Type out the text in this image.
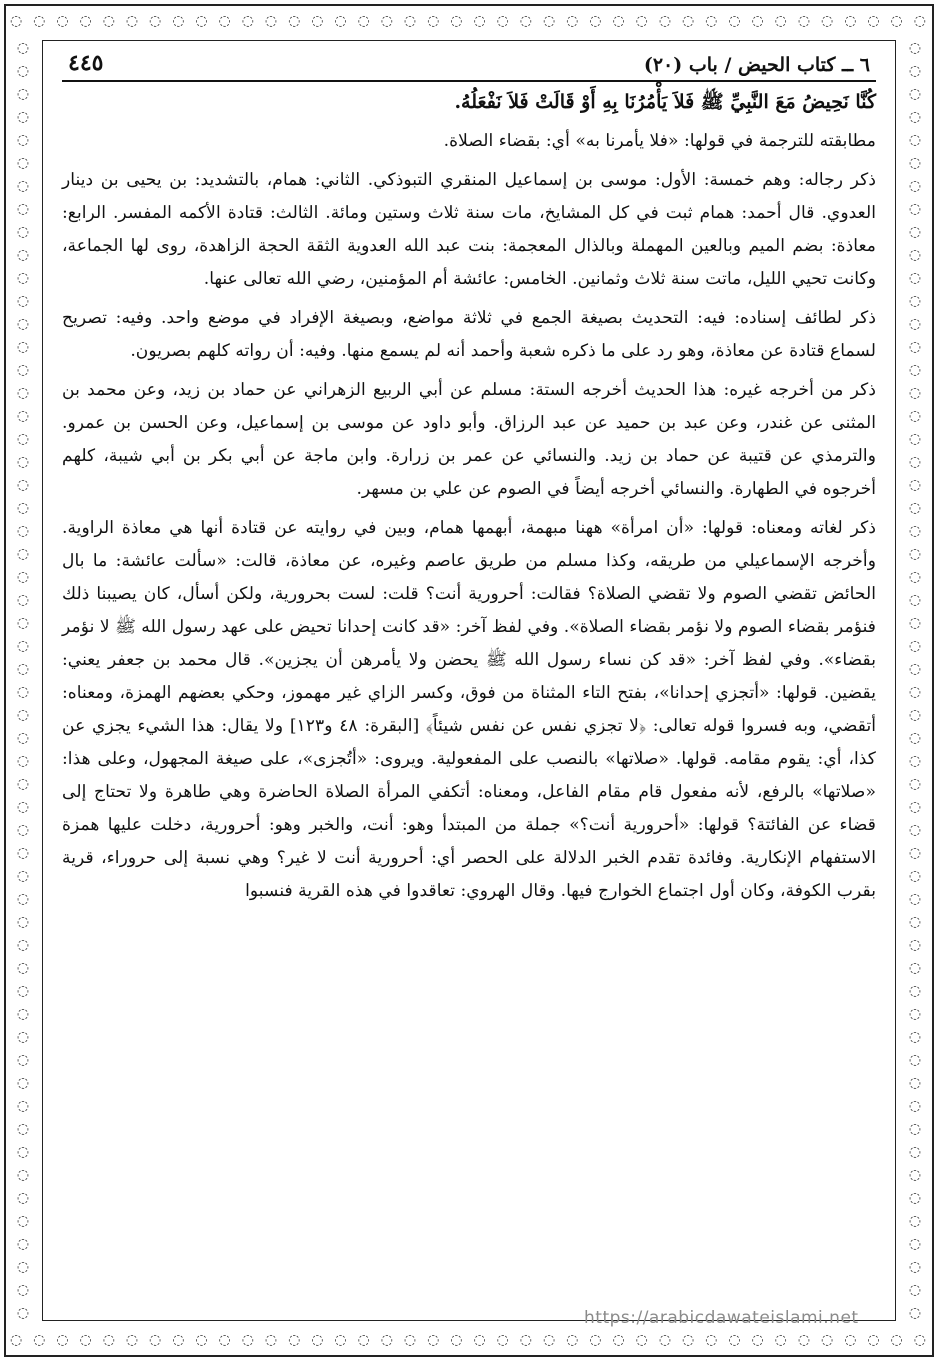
◌ ◌ ◌ ◌ ◌ ◌ ◌ ◌ ◌ ◌ ◌ ◌ ◌ ◌ ◌ ◌ ◌ ◌ ◌ ◌ ◌ ◌ ◌ ◌ ◌ ◌ ◌ ◌ ◌ ◌ ◌ ◌ ◌ ◌ ◌ ◌ ◌ ◌ ◌ ◌
◌ ◌ ◌ ◌ ◌ ◌ ◌ ◌ ◌ ◌ ◌ ◌ ◌ ◌ ◌ ◌ ◌ ◌ ◌ ◌ ◌ ◌ ◌ ◌ ◌ ◌ ◌ ◌ ◌ ◌ ◌ ◌ ◌ ◌ ◌ ◌ ◌ ◌ ◌ ◌
◌
◌
◌
◌
◌
◌
◌
◌
◌
◌
◌
◌
◌
◌
◌
◌
◌
◌
◌
◌
◌
◌
◌
◌
◌
◌
◌
◌
◌
◌
◌
◌
◌
◌
◌
◌
◌
◌
◌
◌
◌
◌
◌
◌
◌
◌
◌
◌
◌
◌
◌
◌
◌
◌
◌
◌
◌
◌
◌
◌
◌
◌
◌
◌
◌
◌
◌
◌
◌
◌
◌
◌
◌
◌
◌
◌
◌
◌
◌
◌
◌
◌
◌
◌
◌
◌
◌
◌
◌
◌
◌
◌
◌
◌
◌
◌
◌
◌
◌
◌
◌
◌
◌
◌
◌
◌
◌
◌
◌
◌
◌
◌
٦ ــ كتاب الحيض / باب (٢٠)
٤٤٥

كُنَّا نَحِيضُ مَعَ النَّبِيِّ ﷺ فَلاَ يَأْمُرُنَا بِهِ أَوْ قَالَتْ فَلاَ نَفْعَلُهُ.

مطابقته للترجمة في قولها: «فلا يأمرنا به» أي: بقضاء الصلاة.

ذكر رجاله: وهم خمسة: الأول: موسى بن إسماعيل المنقري التبوذكي. الثاني: همام، بالتشديد: بن يحيى بن دينار العدوي. قال أحمد: همام ثبت في كل المشايخ، مات سنة ثلاث وستين ومائة. الثالث: قتادة الأكمه المفسر. الرابع: معاذة: بضم الميم وبالعين المهملة وبالذال المعجمة: بنت عبد الله العدوية الثقة الحجة الزاهدة، روى لها الجماعة، وكانت تحيي الليل، ماتت سنة ثلاث وثمانين. الخامس: عائشة أم المؤمنين، رضي الله تعالى عنها.

ذكر لطائف إسناده: فيه: التحديث بصيغة الجمع في ثلاثة مواضع، وبصيغة الإفراد في موضع واحد. وفيه: تصريح لسماع قتادة عن معاذة، وهو رد على ما ذكره شعبة وأحمد أنه لم يسمع منها. وفيه: أن رواته كلهم بصريون.

ذكر من أخرجه غيره: هذا الحديث أخرجه الستة: مسلم عن أبي الربيع الزهراني عن حماد بن زيد، وعن محمد بن المثنى عن غندر، وعن عبد بن حميد عن عبد الرزاق. وأبو داود عن موسى بن إسماعيل، وعن الحسن بن عمرو. والترمذي عن قتيبة عن حماد بن زيد. والنسائي عن عمر بن زرارة. وابن ماجة عن أبي بكر بن أبي شيبة، كلهم أخرجوه في الطهارة. والنسائي أخرجه أيضاً في الصوم عن علي بن مسهر.

ذكر لغاته ومعناه: قولها: «أن امرأة» ههنا مبهمة، أبهمها همام، وبين في روايته عن قتادة أنها هي معاذة الراوية. وأخرجه الإسماعيلي من طريقه، وكذا مسلم من طريق عاصم وغيره، عن معاذة، قالت: «سألت عائشة: ما بال الحائض تقضي الصوم ولا تقضي الصلاة؟ فقالت: أحرورية أنت؟ قلت: لست بحرورية، ولكن أسأل، كان يصيبنا ذلك فنؤمر بقضاء الصوم ولا نؤمر بقضاء الصلاة». وفي لفظ آخر: «قد كانت إحدانا تحيض على عهد رسول الله ﷺ لا نؤمر بقضاء». وفي لفظ آخر: «قد كن نساء رسول الله ﷺ يحضن ولا يأمرهن أن يجزين». قال محمد بن جعفر يعني: يقضين. قولها: «أتجزي إحدانا»، بفتح التاء المثناة من فوق، وكسر الزاي غير مهموز، وحكي بعضهم الهمزة، ومعناه: أتقضي، وبه فسروا قوله تعالى: ﴿لا تجزي نفس عن نفس شيئاً﴾ [البقرة: ٤٨ و١٢٣] ولا يقال: هذا الشيء يجزي عن كذا، أي: يقوم مقامه. قولها. «صلاتها» بالنصب على المفعولية. ويروى: «أتُجزى»، على صيغة المجهول، وعلى هذا: «صلاتها» بالرفع، لأنه مفعول قام مقام الفاعل، ومعناه: أتكفي المرأة الصلاة الحاضرة وهي طاهرة ولا تحتاج إلى قضاء عن الفائتة؟ قولها: «أحرورية أنت؟» جملة من المبتدأ وهو: أنت، والخبر وهو: أحرورية، دخلت عليها همزة الاستفهام الإنكارية. وفائدة تقدم الخبر الدلالة على الحصر أي: أحرورية أنت لا غير؟ وهي نسبة إلى حروراء، قرية بقرب الكوفة، وكان أول اجتماع الخوارج فيها. وقال الهروي: تعاقدوا في هذه القرية فنسبوا

https://arabicdawateislami.net
